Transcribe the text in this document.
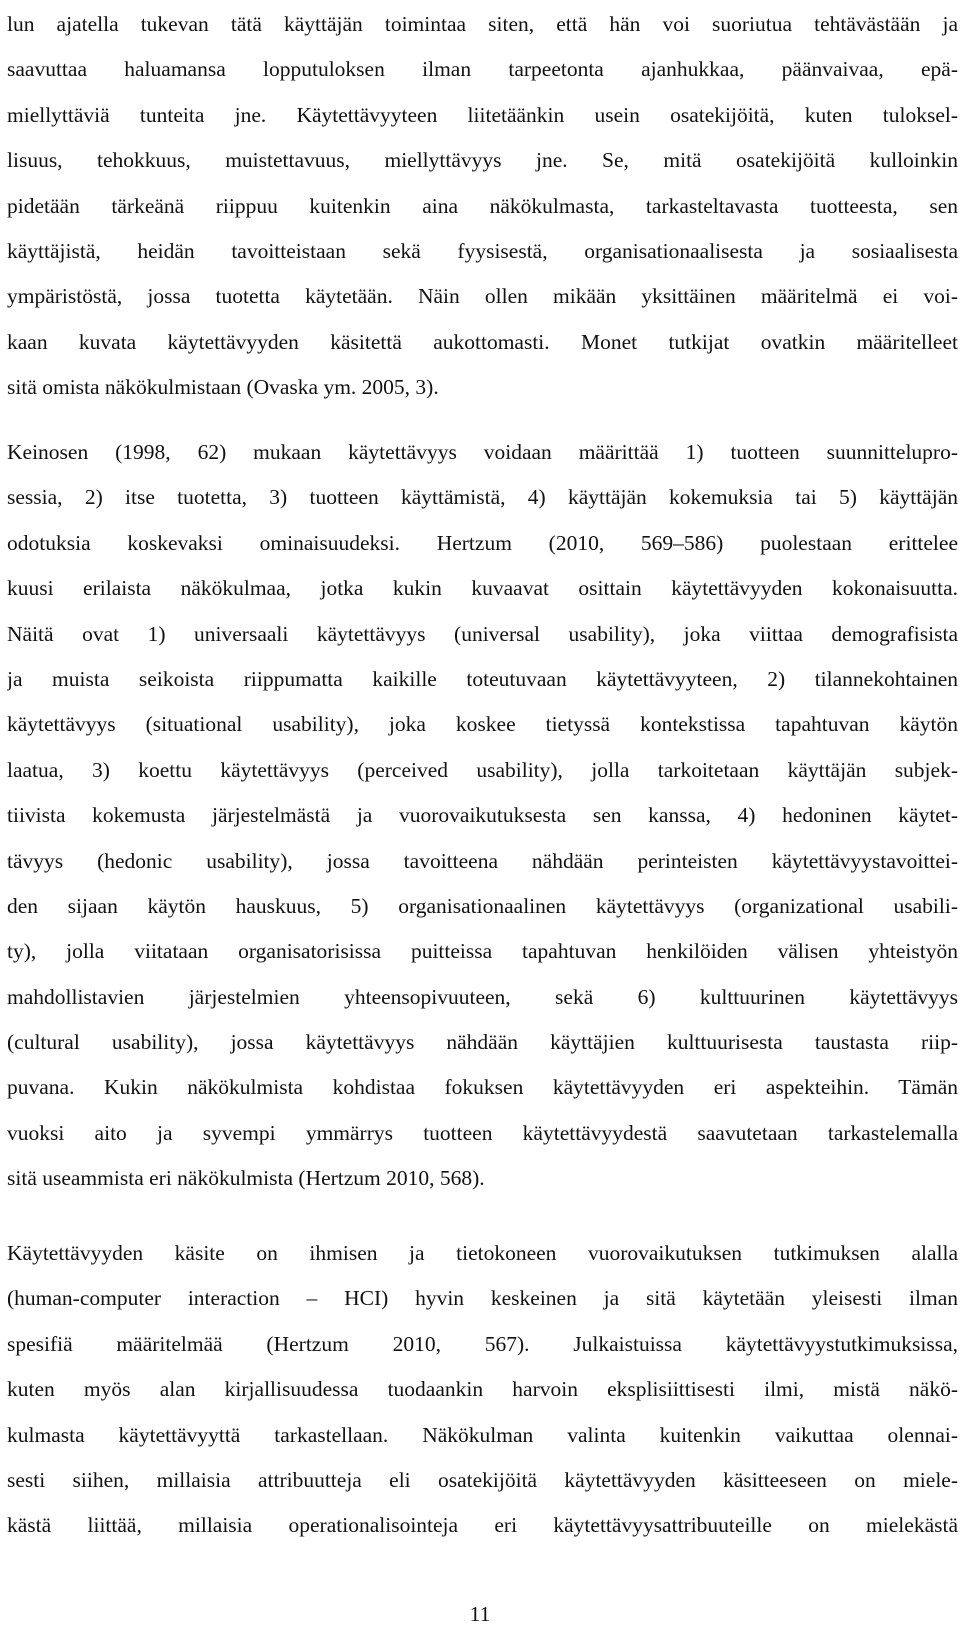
lun ajatella tukevan tätä käyttäjän toimintaa siten, että hän voi suoriutua tehtävästään ja
saavuttaa haluamansa lopputuloksen ilman tarpeetonta ajanhukkaa, päänvaivaa, epä-
miellyttäviä tunteita jne. Käytettävyyteen liitetäänkin usein osatekijöitä, kuten tuloksel-
lisuus, tehokkuus, muistettavuus, miellyttävyys jne. Se, mitä osatekijöitä kulloinkin
pidetään tärkeänä riippuu kuitenkin aina näkökulmasta, tarkasteltavasta tuotteesta, sen
käyttäjistä, heidän tavoitteistaan sekä fyysisestä, organisationaalisesta ja sosiaalisesta
ympäristöstä, jossa tuotetta käytetään. Näin ollen mikään yksittäinen määritelmä ei voi-
kaan kuvata käytettävyyden käsitettä aukottomasti. Monet tutkijat ovatkin määritelleet
sitä omista näkökulmistaan (Ovaska ym. 2005, 3).
Keinosen (1998, 62) mukaan käytettävyys voidaan määrittää 1) tuotteen suunnittelupro-
sessia, 2) itse tuotetta, 3) tuotteen käyttämistä, 4) käyttäjän kokemuksia tai 5) käyttäjän
odotuksia koskevaksi ominaisuudeksi. Hertzum (2010, 569–586) puolestaan erittelee
kuusi erilaista näkökulmaa, jotka kukin kuvaavat osittain käytettävyyden kokonaisuutta.
Näitä ovat 1) universaali käytettävyys (universal usability), joka viittaa demografisista
ja muista seikoista riippumatta kaikille toteutuvaan käytettävyyteen, 2) tilannekohtainen
käytettävyys (situational usability), joka koskee tietyssä kontekstissa tapahtuvan käytön
laatua, 3) koettu käytettävyys (perceived usability), jolla tarkoitetaan käyttäjän subjek-
tiivista kokemusta järjestelmästä ja vuorovaikutuksesta sen kanssa, 4) hedoninen käytet-
tävyys (hedonic usability), jossa tavoitteena nähdään perinteisten käytettävyystavoittei-
den sijaan käytön hauskuus, 5) organisationaalinen käytettävyys (organizational usabili-
ty), jolla viitataan organisatorisissa puitteissa tapahtuvan henkilöiden välisen yhteistyön
mahdollistavien järjestelmien yhteensopivuuteen, sekä 6) kulttuurinen käytettävyys
(cultural usability), jossa käytettävyys nähdään käyttäjien kulttuurisesta taustasta riip-
puvana. Kukin näkökulmista kohdistaa fokuksen käytettävyyden eri aspekteihin. Tämän
vuoksi aito ja syvempi ymmärrys tuotteen käytettävyydestä saavutetaan tarkastelemalla
sitä useammista eri näkökulmista (Hertzum 2010, 568).
Käytettävyyden käsite on ihmisen ja tietokoneen vuorovaikutuksen tutkimuksen alalla
(human-computer interaction – HCI) hyvin keskeinen ja sitä käytetään yleisesti ilman
spesifiä määritelmää (Hertzum 2010, 567). Julkaistuissa käytettävyystutkimuksissa,
kuten myös alan kirjallisuudessa tuodaankin harvoin eksplisiittisesti ilmi, mistä näkö-
kulmasta käytettävyyttä tarkastellaan. Näkökulman valinta kuitenkin vaikuttaa olennai-
sesti siihen, millaisia attribuutteja eli osatekijöitä käytettävyyden käsitteeseen on miele-
kästä liittää, millaisia operationalisointeja eri käytettävyysattribuuteille on mielekästä
11
